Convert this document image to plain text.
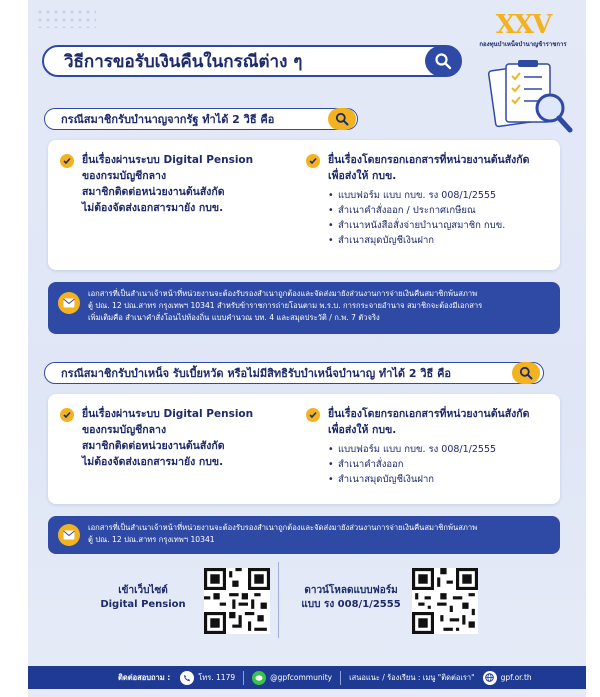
XXV
กองทุนบำเหน็จบำนาญข้าราชการ
วิธีการขอรับเงินคืนในกรณีต่าง ๆ
กรณีสมาชิกรับบำนาญจากรัฐ ทำได้ 2 วิธี คือ
ยื่นเรื่องผ่านระบบ Digital Pension
ของกรมบัญชีกลาง
สมาชิกติดต่อหน่วยงานต้นสังกัด
ไม่ต้องจัดส่งเอกสารมายัง กบข.
ยื่นเรื่องโดยกรอกเอกสารที่หน่วยงานต้นสังกัด
เพื่อส่งให้ กบข.
• แบบฟอร์ม แบบ กบข. รง 008/1/2555
• สำเนาคำสั่งออก / ประกาศเกษียณ
• สำเนาหนังสือสั่งจ่ายบำนาญสมาชิก กบข.
• สำเนาสมุดบัญชีเงินฝาก
เอกสารที่เป็นสำเนาเจ้าหน้าที่หน่วยงานจะต้องรับรองสำเนาถูกต้องและจัดส่งมายังส่วนงานการจ่ายเงินคืนสมาชิกพ้นสภาพ
ตู้ ปณ. 12 ปณ.สาทร กรุงเทพฯ 10341 สำหรับข้าราชการถ่ายโอนตาม พ.ร.บ. การกระจายอำนาจ สมาชิกจะต้องมีเอกสาร
เพิ่มเติมคือ สำเนาคำสั่งโอนไปท้องถิ่น แบบคำนวณ บท. 4 และสมุดประวัติ / ก.พ. 7 ตัวจริง
กรณีสมาชิกรับบำเหน็จ รับเบี้ยหวัด หรือไม่มีสิทธิรับบำเหน็จบำนาญ ทำได้ 2 วิธี คือ
ยื่นเรื่องผ่านระบบ Digital Pension
ของกรมบัญชีกลาง
สมาชิกติดต่อหน่วยงานต้นสังกัด
ไม่ต้องจัดส่งเอกสารมายัง กบข.
ยื่นเรื่องโดยกรอกเอกสารที่หน่วยงานต้นสังกัด
เพื่อส่งให้ กบข.
• แบบฟอร์ม แบบ กบข. รง 008/1/2555
• สำเนาคำสั่งออก
• สำเนาสมุดบัญชีเงินฝาก
เอกสารที่เป็นสำเนาเจ้าหน้าที่หน่วยงานจะต้องรับรองสำเนาถูกต้องและจัดส่งมายังส่วนงานการจ่ายเงินคืนสมาชิกพ้นสภาพ
ตู้ ปณ. 12 ปณ.สาทร กรุงเทพฯ 10341
เข้าเว็บไซต์
Digital Pension
ดาวน์โหลดแบบฟอร์ม
แบบ รง 008/1/2555
ติดต่อสอบถาม :	โทร. 1179	@gpfcommunity เสนอแนะ / ร้องเรียน : เมนู "ติดต่อเรา"	gpf.or.th
